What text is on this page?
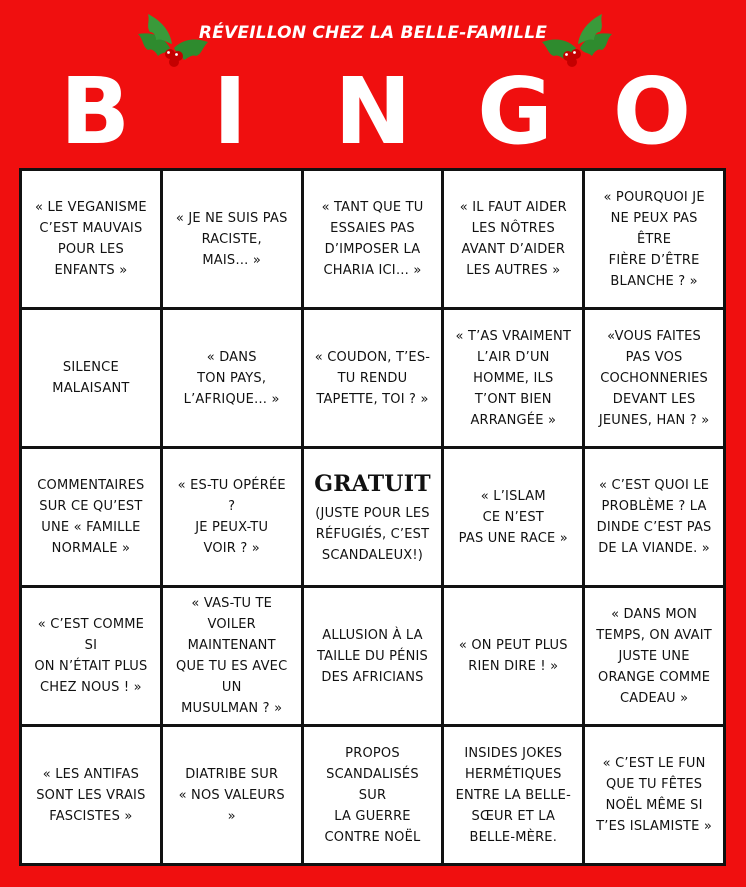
RÉVEILLON CHEZ LA BELLE-FAMILLE
B I N G O
« LE VEGANISME
C’EST MAUVAIS
POUR LES
ENFANTS »
« JE NE SUIS PAS
RACISTE,
MAIS… »
« TANT QUE TU
ESSAIES PAS
D’IMPOSER LA
CHARIA ICI… »
« IL FAUT AIDER
LES NÔTRES
AVANT D’AIDER
LES AUTRES »
« POURQUOI JE
NE PEUX PAS ÊTRE
FIÈRE D’ÊTRE
BLANCHE ? »
SILENCE
MALAISANT
« DANS
TON PAYS,
L’AFRIQUE… »
« COUDON, T’ES-
TU RENDU
TAPETTE, TOI ? »
« T’AS VRAIMENT
L’AIR D’UN
HOMME, ILS
T’ONT BIEN
ARRANGÉE »
«VOUS FAITES
PAS VOS
COCHONNERIES
DEVANT LES
JEUNES, HAN ? »
COMMENTAIRES
SUR CE QU’EST
UNE « FAMILLE
NORMALE »
« ES-TU OPÉRÉE ?
JE PEUX-TU
VOIR ? »
GRATUIT
(JUSTE POUR LES
RÉFUGIÉS, C’EST
SCANDALEUX!)
« L’ISLAM
CE N’EST
PAS UNE RACE »
« C’EST QUOI LE
PROBLÈME ? LA
DINDE C’EST PAS
DE LA VIANDE. »
« C’EST COMME SI
ON N’ÉTAIT PLUS
CHEZ NOUS ! »
« VAS-TU TE
VOILER
MAINTENANT
QUE TU ES AVEC
UN
MUSULMAN ? »
ALLUSION À LA
TAILLE DU PÉNIS
DES AFRICIANS
« ON PEUT PLUS
RIEN DIRE ! »
« DANS MON
TEMPS, ON AVAIT
JUSTE UNE
ORANGE COMME
CADEAU »
« LES ANTIFAS
SONT LES VRAIS
FASCISTES »
DIATRIBE SUR
« NOS VALEURS »
PROPOS
SCANDALISÉS SUR
LA GUERRE
CONTRE NOËL
INSIDES JOKES
HERMÉTIQUES
ENTRE LA BELLE-
SŒUR ET LA
BELLE-MÈRE.
« C’EST LE FUN
QUE TU FÊTES
NOËL MÊME SI
T’ES ISLAMISTE »
